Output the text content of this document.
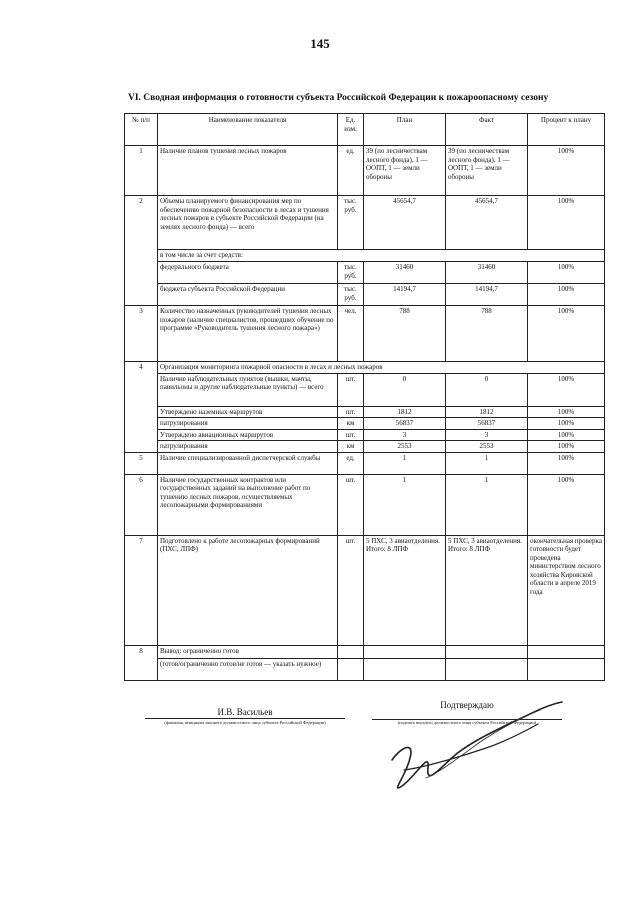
145
VI. Сводная информация о готовности субъекта Российской Федерации к пожароопасному сезону
№ п/п	Наименование показателя	Ед. изм.	План	Факт	Процент к плану
1	Наличие планов тушения лесных пожаров	ед.	39 (по лесничествам лесного фонда), 1 — ООПТ, 1 — земли обороны	39 (по лесничествам лесного фонда), 1 — ООПТ, 1 — земли обороны	100%
2	Объемы планируемого финансирования мер по обеспечению пожарной безопасности в лесах и тушения лесных пожаров в субъекте Российской Федерации (на землях лесного фонда) — всего	тыс. руб.	45654,7	45654,7	100%
	в том числе за счет средств:				
	федерального бюджета	тыс. руб.	31460	31460	100%
	бюджета субъекта Российской Федерации	тыс. руб.	14194,7	14194,7	100%
3	Количество назначенных руководителей тушения лесных пожаров (наличие специалистов, прошедших обучение по программе «Руководитель тушения лесного пожара»)	чел.	788	788	100%
4	Организация мониторинга пожарной опасности в лесах и лесных пожаров				
	Наличие наблюдательных пунктов (вышки, мачты, павильоны и другие наблюдательные пункты) — всего	шт.	0	0	100%
	Утверждено наземных маршрутов	шт.	1812	1812	100%
	патрулирования	км	56837	56837	100%
	Утверждено авиационных маршрутов	шт.	3	3	100%
	патрулирования	км	2553	2553	100%
5	Наличие специализированной диспетчерской службы	ед.	1	1	100%
6	Наличие государственных контрактов или государственных заданий на выполнение работ по тушению лесных пожаров, осуществляемых лесопожарными формированиями	шт.	1	1	100%
7	Подготовлено к работе лесопожарных формирований (ПХС, ЛПФ)	шт.	5 ПХС, 3 авиаотделения. Итого: 8 ЛПФ	5 ПХС, 3 авиаотделения. Итого: 8 ЛПФ	окончательная проверка готовности будет проведена министерством лесного хозяйства Кировской области в апреле 2019 года
8	Вывод: ограниченно готов				
	(готов/ограниченно готов/не готов — указать нужное)				
И.В. Васильев
(фамилия, инициалы высшего должностного лица субъекта Российской Федерации)
Подтверждаю
(подпись высшего должностного лица субъекта Российской Федерации)
